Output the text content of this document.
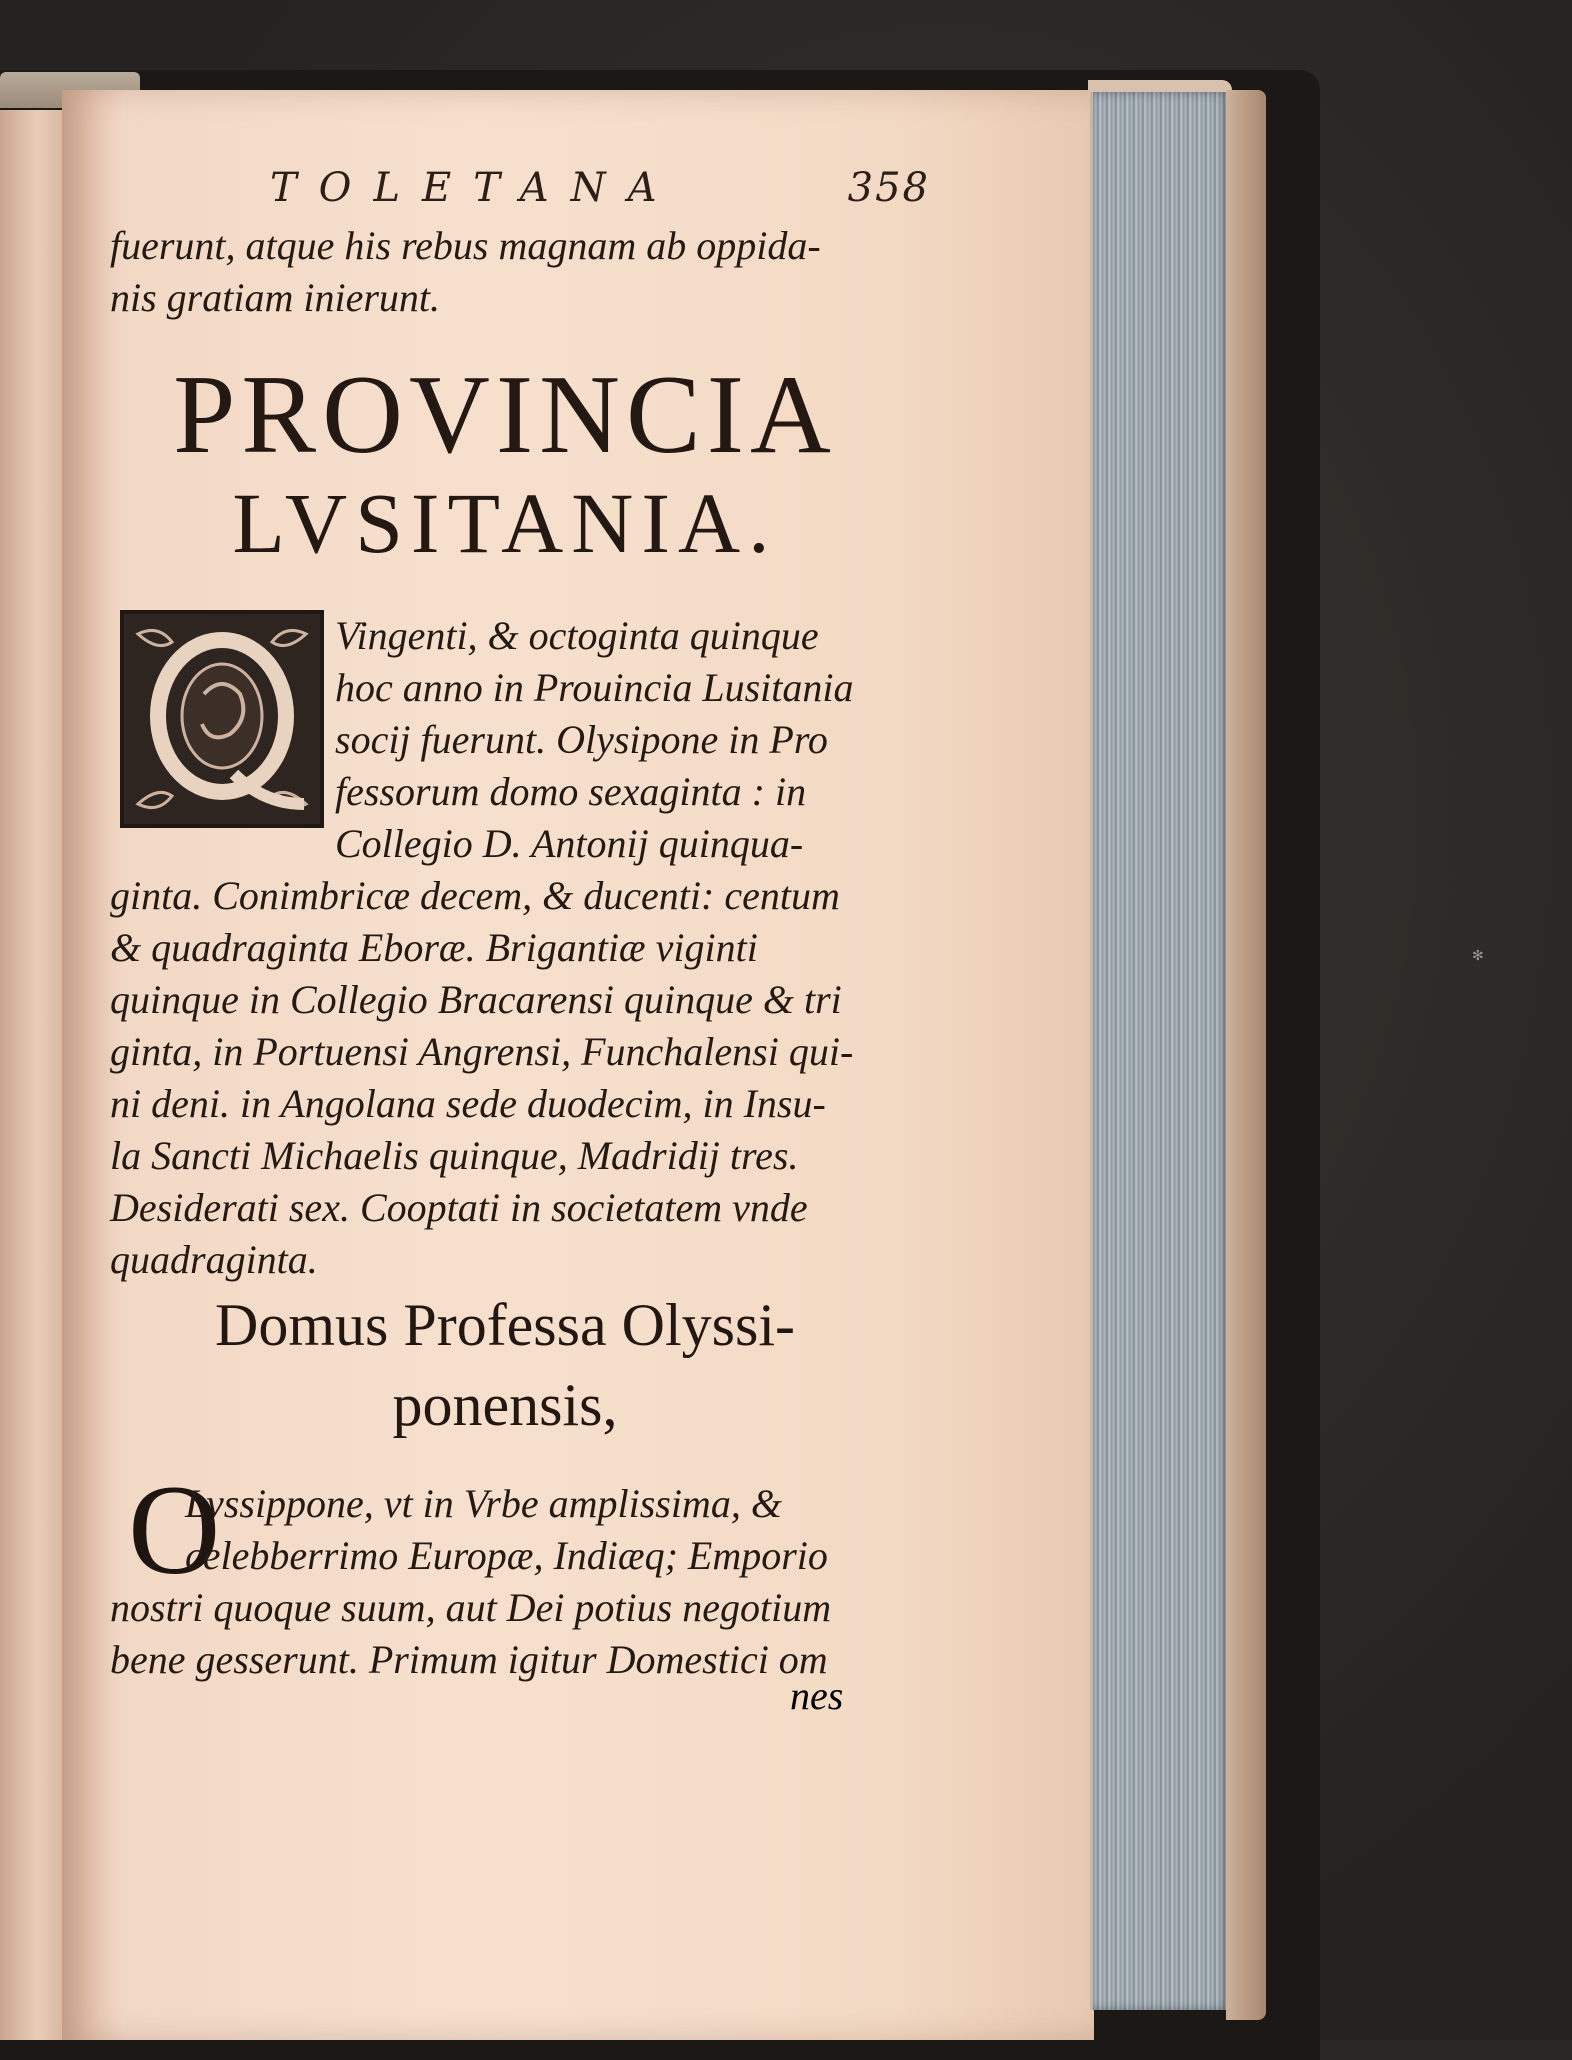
✻
TOLETANA	358
fuerunt, atque his rebus magnam ab oppida-
nis gratiam inierunt.
PROVINCIA
LVSITANIA.
Vingenti, & octoginta quinque
hoc anno in Prouincia Lusitania
socij fuerunt. Olysipone in Pro
fessorum domo sexaginta : in
Collegio D. Antonij quinqua-
ginta. Conimbricæ decem, & ducenti: centum
& quadraginta Eboræ. Brigantiæ viginti
quinque in Collegio Bracarensi quinque & tri
ginta, in Portuensi Angrensi, Funchalensi qui-
ni deni. in Angolana sede duodecim, in Insu-
la Sancti Michaelis quinque, Madridij tres.
Desiderati sex. Cooptati in societatem vnde
quadraginta.
Domus Professa Olyssi-
ponensis,
O
Lyssippone, vt in Vrbe amplissima, &
celebberrimo Europæ, Indiæq; Emporio
nostri quoque suum, aut Dei potius negotium
bene gesserunt. Primum igitur Domestici om
nes
